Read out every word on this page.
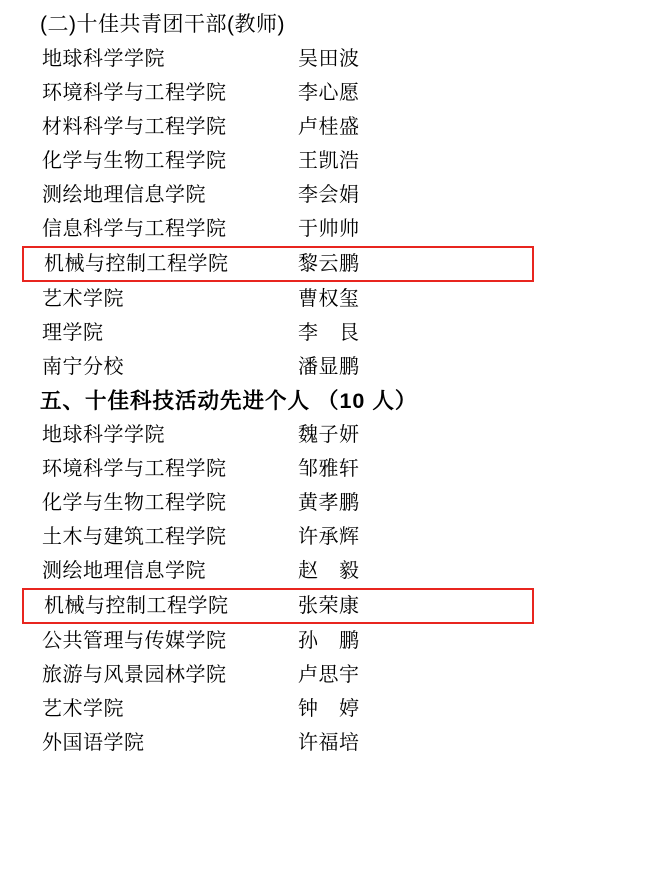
(二)十佳共青团干部(教师)
地球科学学院	吴田波
环境科学与工程学院	李心愿
材料科学与工程学院	卢桂盛
化学与生物工程学院	王凯浩
测绘地理信息学院	李会娟
信息科学与工程学院	于帅帅
机械与控制工程学院	黎云鹏
艺术学院	曹权玺
理学院	李　艮
南宁分校	潘显鹏
五、十佳科技活动先进个人 （10 人）
地球科学学院	魏子妍
环境科学与工程学院	邹雅轩
化学与生物工程学院	黄孝鹏
土木与建筑工程学院	许承辉
测绘地理信息学院	赵　毅
机械与控制工程学院	张荣康
公共管理与传媒学院	孙　鹏
旅游与风景园林学院	卢思宇
艺术学院	钟　婷
外国语学院	许福培
